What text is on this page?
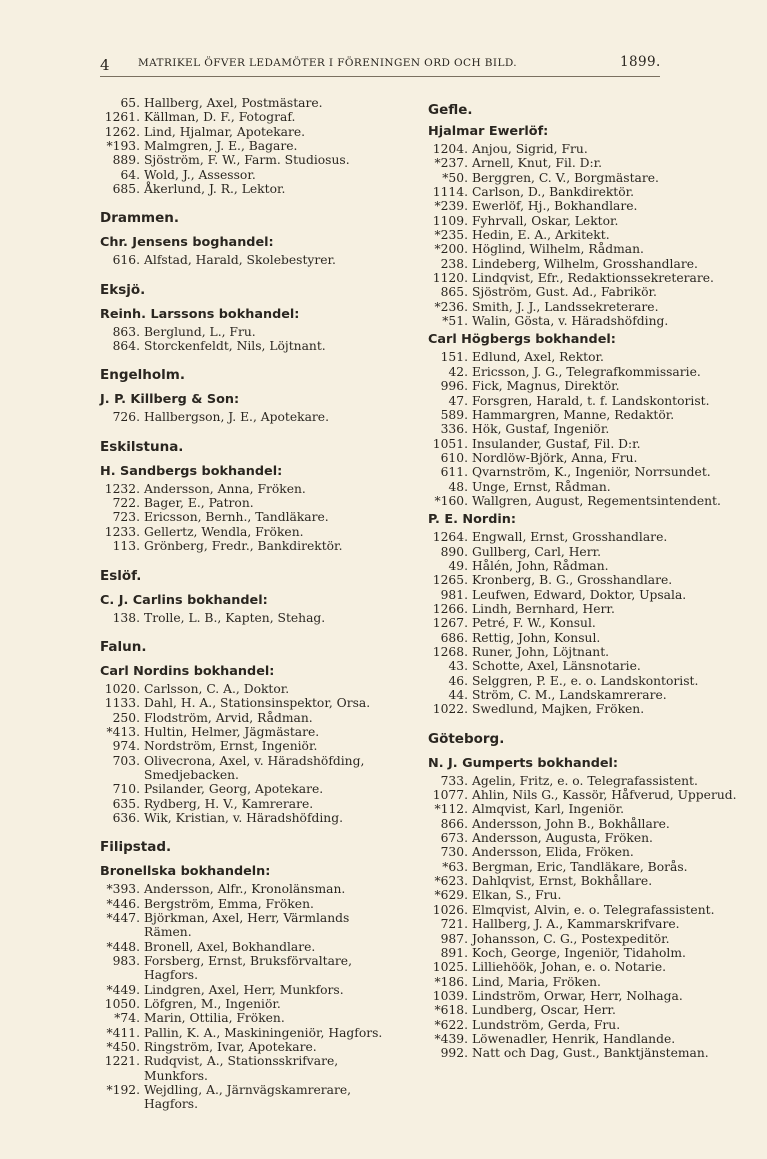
4	MATRIKEL ÖFVER LEDAMÖTER I FÖRENINGEN ORD OCH BILD.	1899.
65. Hallberg, Axel, Postmästare.
1261. Källman, D. F., Fotograf.
1262. Lind, Hjalmar, Apotekare.
*193. Malmgren, J. E., Bagare.
889. Sjöström, F. W., Farm. Studiosus.
64. Wold, J., Assessor.
685. Åkerlund, J. R., Lektor.
Drammen.
Chr. Jensens boghandel:
616. Alfstad, Harald, Skolebestyrer.
Eksjö.
Reinh. Larssons bokhandel:
863. Berglund, L., Fru.
864. Storckenfeldt, Nils, Löjtnant.
Engelholm.
J. P. Killberg & Son:
726. Hallbergson, J. E., Apotekare.
Eskilstuna.
H. Sandbergs bokhandel:
1232. Andersson, Anna, Fröken.
722. Bager, E., Patron.
723. Ericsson, Bernh., Tandläkare.
1233. Gellertz, Wendla, Fröken.
113. Grönberg, Fredr., Bankdirektör.
Eslöf.
C. J. Carlins bokhandel:
138. Trolle, L. B., Kapten, Stehag.
Falun.
Carl Nordins bokhandel:
1020. Carlsson, C. A., Doktor.
1133. Dahl, H. A., Stationsinspektor, Orsa.
250. Flodström, Arvid, Rådman.
*413. Hultin, Helmer, Jägmästare.
974. Nordström, Ernst, Ingeniör.
703. Olivecrona, Axel, v. Häradshöfding, Smedjebacken.
710. Psilander, Georg, Apotekare.
635. Rydberg, H. V., Kamrerare.
636. Wik, Kristian, v. Häradshöfding.
Filipstad.
Bronellska bokhandeln:
*393. Andersson, Alfr., Kronolänsman.
*446. Bergström, Emma, Fröken.
*447. Björkman, Axel, Herr, Värmlands Rämen.
*448. Bronell, Axel, Bokhandlare.
983. Forsberg, Ernst, Bruksförvaltare, Hagfors.
*449. Lindgren, Axel, Herr, Munkfors.
1050. Löfgren, M., Ingeniör.
*74. Marin, Ottilia, Fröken.
*411. Pallin, K. A., Maskiningeniör, Hagfors.
*450. Ringström, Ivar, Apotekare.
1221. Rudqvist, A., Stationsskrifvare, Munkfors.
*192. Wejdling, A., Järnvägskamrerare, Hagfors.
Gefle.
Hjalmar Ewerlöf:
1204. Anjou, Sigrid, Fru.
*237. Arnell, Knut, Fil. D:r.
*50. Berggren, C. V., Borgmästare.
1114. Carlson, D., Bankdirektör.
*239. Ewerlöf, Hj., Bokhandlare.
1109. Fyhrvall, Oskar, Lektor.
*235. Hedin, E. A., Arkitekt.
*200. Höglind, Wilhelm, Rådman.
238. Lindeberg, Wilhelm, Grosshandlare.
1120. Lindqvist, Efr., Redaktionssekreterare.
865. Sjöström, Gust. Ad., Fabrikör.
*236. Smith, J. J., Landssekreterare.
*51. Walin, Gösta, v. Häradshöfding.
Carl Högbergs bokhandel:
151. Edlund, Axel, Rektor.
42. Ericsson, J. G., Telegrafkommissarie.
996. Fick, Magnus, Direktör.
47. Forsgren, Harald, t. f. Landskontorist.
589. Hammargren, Manne, Redaktör.
336. Hök, Gustaf, Ingeniör.
1051. Insulander, Gustaf, Fil. D:r.
610. Nordlöw-Björk, Anna, Fru.
611. Qvarnström, K., Ingeniör, Norrsundet.
48. Unge, Ernst, Rådman.
*160. Wallgren, August, Regementsintendent.
P. E. Nordin:
1264. Engwall, Ernst, Grosshandlare.
890. Gullberg, Carl, Herr.
49. Hålén, John, Rådman.
1265. Kronberg, B. G., Grosshandlare.
981. Leufwen, Edward, Doktor, Upsala.
1266. Lindh, Bernhard, Herr.
1267. Petré, F. W., Konsul.
686. Rettig, John, Konsul.
1268. Runer, John, Löjtnant.
43. Schotte, Axel, Länsnotarie.
46. Selggren, P. E., e. o. Landskontorist.
44. Ström, C. M., Landskamrerare.
1022. Swedlund, Majken, Fröken.
Göteborg.
N. J. Gumperts bokhandel:
733. Agelin, Fritz, e. o. Telegrafassistent.
1077. Ahlin, Nils G., Kassör, Håfverud, Upperud.
*112. Almqvist, Karl, Ingeniör.
866. Andersson, John B., Bokhållare.
673. Andersson, Augusta, Fröken.
730. Andersson, Elida, Fröken.
*63. Bergman, Eric, Tandläkare, Borås.
*623. Dahlqvist, Ernst, Bokhållare.
*629. Elkan, S., Fru.
1026. Elmqvist, Alvin, e. o. Telegrafassistent.
721. Hallberg, J. A., Kammarskrifvare.
987. Johansson, C. G., Postexpeditör.
891. Koch, George, Ingeniör, Tidaholm.
1025. Lilliehöök, Johan, e. o. Notarie.
*186. Lind, Maria, Fröken.
1039. Lindström, Orwar, Herr, Nolhaga.
*618. Lundberg, Oscar, Herr.
*622. Lundström, Gerda, Fru.
*439. Löwenadler, Henrik, Handlande.
992. Natt och Dag, Gust., Banktjänsteman.
